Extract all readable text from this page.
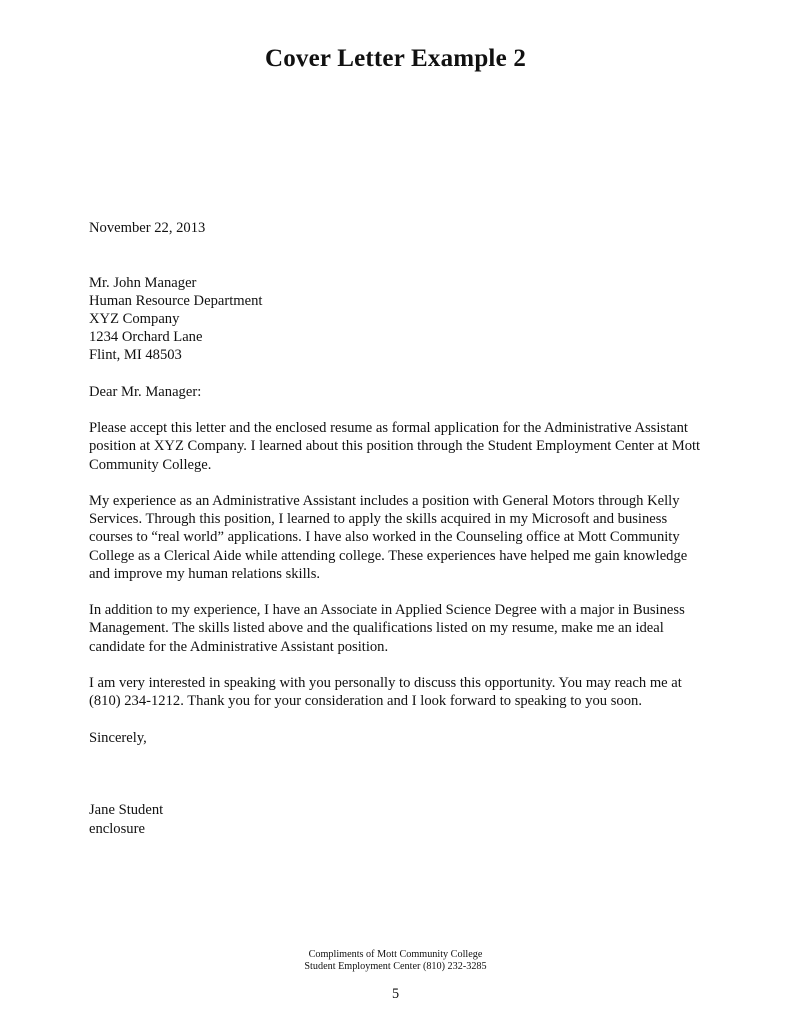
Cover Letter Example 2
November 22, 2013
Mr. John Manager
Human Resource Department
XYZ Company
1234 Orchard Lane
Flint, MI 48503
Dear Mr. Manager:

Please accept this letter and the enclosed resume as formal application for the Administrative Assistant position at XYZ Company. I learned about this position through the Student Employment Center at Mott Community College.

My experience as an Administrative Assistant includes a position with General Motors through Kelly Services. Through this position, I learned to apply the skills acquired in my Microsoft and business courses to “real world” applications. I have also worked in the Counseling office at Mott Community College as a Clerical Aide while attending college. These experiences have helped me gain knowledge and improve my human relations skills.

In addition to my experience, I have an Associate in Applied Science Degree with a major in Business Management. The skills listed above and the qualifications listed on my resume, make me an ideal candidate for the Administrative Assistant position.

I am very interested in speaking with you personally to discuss this opportunity. You may reach me at (810) 234-1212. Thank you for your consideration and I look forward to speaking to you soon.

Sincerely,
Jane Student
enclosure
Compliments of Mott Community College
Student Employment Center (810) 232-3285
5
